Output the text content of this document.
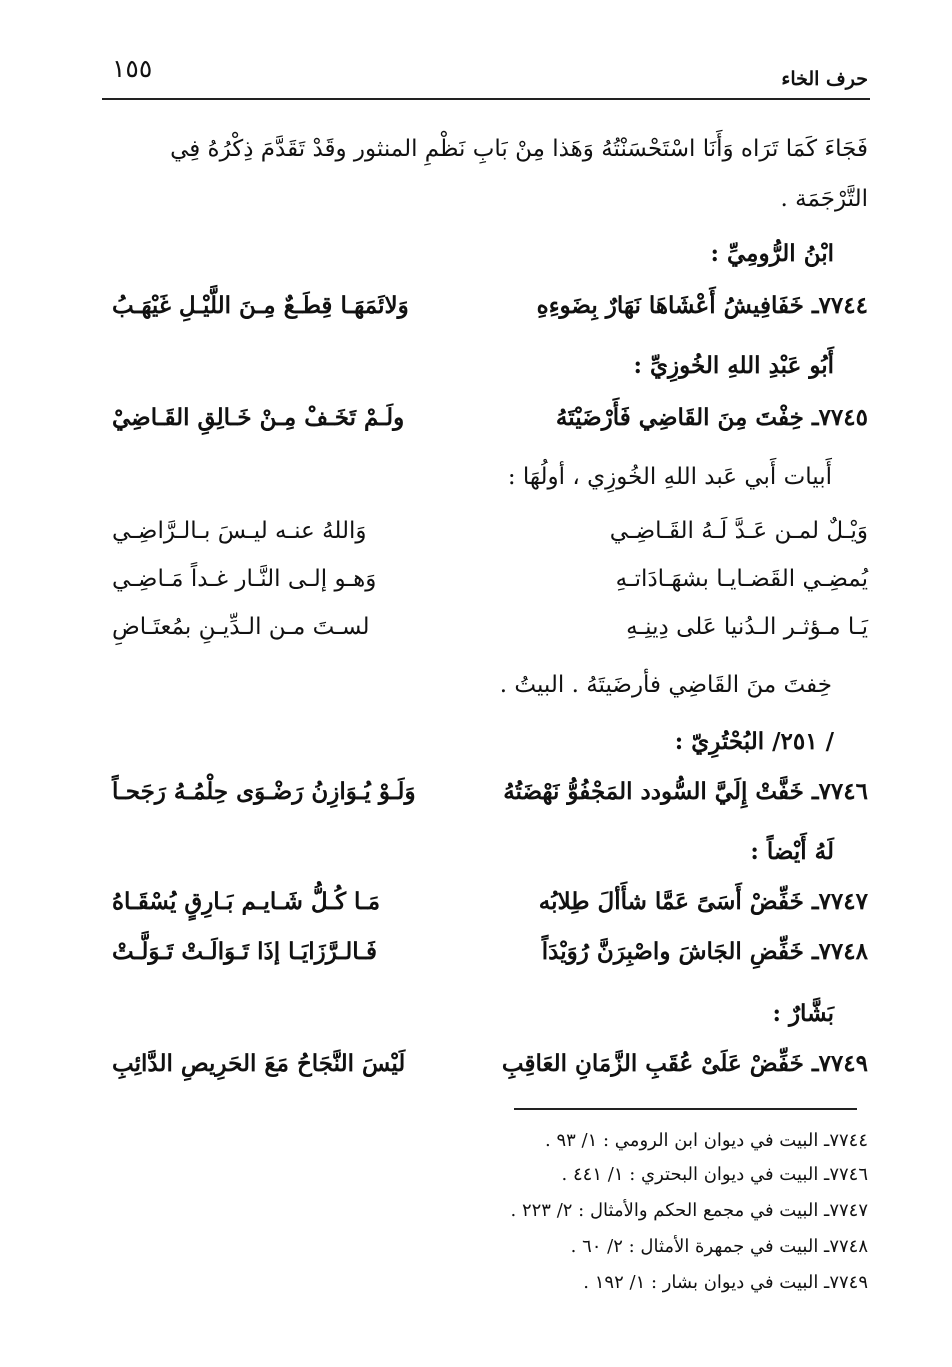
حرف الخاء
١٥٥
فَجَاءَ كَمَا تَرَاه وَأَنَا اسْتَحْسَنْتُهُ وَهَذا مِنْ بَابِ نَظْمِ المنثور وقَدْ تَقَدَّمَ ذِكْرُهُ فِي
التَّرْجَمَة .
ابْنُ الرُّومِيِّ :
٧٧٤٤ـ خَفَافِيشُ أَعْشَاهَا نَهَارٌ بِضَوءِهِ
وَلائَمَهَـا قِطَـعٌ مِـنَ اللَّيْـلِ غَيْهَـبُ
أَبُو عَبْدِ اللهِ الخُوزِيِّ :
٧٧٤٥ـ خِفْتَ مِنَ القَاضِي فَأَرْضَيْتَهُ
ولَـمْ تَخَـفْ مِـنْ خَـالِقِ القَـاضِيْ
أَبيات أَبي عَبد اللهِ الخُوزِي ، أولُهَا :
وَيْـلٌ لمـن عَـدَّ لَـهُ القَـاضِـي
وَاللهُ عنـه ليـسَ بـالـرَّاضِـي
يُمضِـي القَضـايـا بشهَـادَاتـهِ
وَهـو إلـى النَّـار غـداً مَـاضِـي
يَـا مـؤثـر الـدُنيا عَلى دِينِـهِ
لسـتَ مـن الـدِّيـنِ بمُعتَـاضِ
خِفتَ منَ القَاضِي فأرضَيتَهُ . البيتُ .
/ ٢٥١/ البُحْتُرِيّ :
٧٧٤٦ـ خَفَّتْ إِلَيَّ السُّودد المَجْفُوُّ نَهْضَتُهُ
وَلَـوْ يُـوَازِنُ رَضْـوَى حِلْمُـهُ رَجَحـاً
لَهُ أَيْضاً :
٧٧٤٧ـ خَفِّضْ أَسَىً عَمَّا شأَألَ طِلابُه
مَـا كُـلُّ شَـايـم بَـارِقٍ يُسْقَـاهُ
٧٧٤٨ـ خَفِّضِ الجَاشَ واصْبِرَنَّ رُوَيْدَاً
فَـالـرَّزَايَـا إذَا تَـوَالَـتْ تَـوَلَّـتْ
بَشَّارٌ :
٧٧٤٩ـ خَفِّضْ عَلَىْ عُقَبِ الزَّمَانِ العَاقِبِ
لَيْسَ النَّجَاحُ مَعَ الحَرِيصِ الدَّائِبِ
٧٧٤٤ـ البيت في ديوان ابن الرومي : ١/ ٩٣ .
٧٧٤٦ـ البيت في ديوان البحتري : ١/ ٤٤١ .
٧٧٤٧ـ البيت في مجمع الحكم والأمثال : ٢/ ٢٢٣ .
٧٧٤٨ـ البيت في جمهرة الأمثال : ٢/ ٦٠ .
٧٧٤٩ـ البيت في ديوان بشار : ١/ ١٩٢ .
